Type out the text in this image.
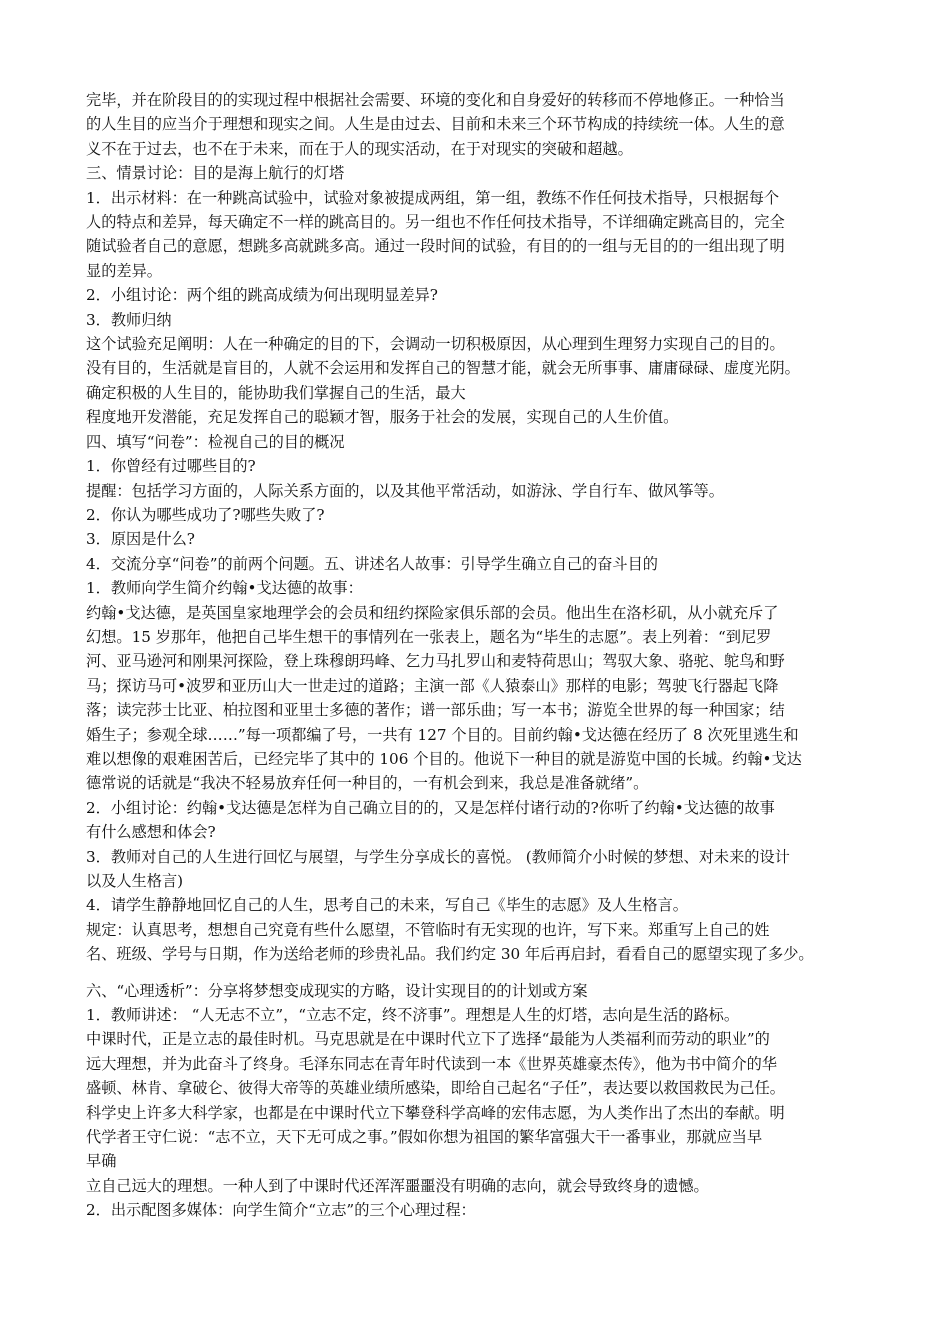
完毕，并在阶段目的的实现过程中根据社会需要、环境的变化和自身爱好的转移而不停地修正。一种恰当

的人生目的应当介于理想和现实之间。人生是由过去、目前和未来三个环节构成的持续统一体。人生的意

义不在于过去，也不在于未来，而在于人的现实活动，在于对现实的突破和超越。

三、情景讨论：目的是海上航行的灯塔

1．出示材料：在一种跳高试验中，试验对象被提成两组，第一组，教练不作任何技术指导，只根据每个

人的特点和差异，每天确定不一样的跳高目的。另一组也不作任何技术指导，不详细确定跳高目的，完全

随试验者自己的意愿，想跳多高就跳多高。通过一段时间的试验，有目的的一组与无目的的一组出现了明

显的差异。

2．小组讨论：两个组的跳高成绩为何出现明显差异?

3．教师归纳

这个试验充足阐明：人在一种确定的目的下，会调动一切积极原因，从心理到生理努力实现自己的目的。

没有目的，生活就是盲目的，人就不会运用和发挥自己的智慧才能，就会无所事事、庸庸碌碌、虚度光阴。

确定积极的人生目的，能协助我们掌握自己的生活，最大

程度地开发潜能，充足发挥自己的聪颖才智，服务于社会的发展，实现自己的人生价值。

四、填写“问卷”：检视自己的目的概况

1．你曾经有过哪些目的?

提醒：包括学习方面的，人际关系方面的，以及其他平常活动，如游泳、学自行车、做风筝等。

2．你认为哪些成功了?哪些失败了?

3．原因是什么?

4．交流分享“问卷”的前两个问题。五、讲述名人故事：引导学生确立自己的奋斗目的

1．教师向学生简介约翰•戈达德的故事：

约翰•戈达德，是英国皇家地理学会的会员和纽约探险家俱乐部的会员。他出生在洛杉矶，从小就充斥了

幻想。15 岁那年，他把自己毕生想干的事情列在一张表上，题名为“毕生的志愿”。表上列着：“到尼罗

河、亚马逊河和刚果河探险，登上珠穆朗玛峰、乞力马扎罗山和麦特荷思山；驾驭大象、骆驼、鸵鸟和野

马；探访马可•波罗和亚历山大一世走过的道路；主演一部《人猿泰山》那样的电影；驾驶飞行器起飞降

落；读完莎士比亚、柏拉图和亚里士多德的著作；谱一部乐曲；写一本书；游览全世界的每一种国家；结

婚生子；参观全球……”每一项都编了号，一共有 127 个目的。目前约翰•戈达德在经历了 8 次死里逃生和

难以想像的艰难困苦后，已经完毕了其中的 106 个目的。他说下一种目的就是游览中国的长城。约翰•戈达

德常说的话就是“我决不轻易放弃任何一种目的，一有机会到来，我总是准备就绪”。

2．小组讨论：约翰•戈达德是怎样为自己确立目的的，又是怎样付诸行动的?你听了约翰•戈达德的故事

有什么感想和体会?

3．教师对自己的人生进行回忆与展望，与学生分享成长的喜悦。 (教师简介小时候的梦想、对未来的设计

以及人生格言)

4．请学生静静地回忆自己的人生，思考自己的未来，写自己《毕生的志愿》及人生格言。

规定：认真思考，想想自己究竟有些什么愿望，不管临时有无实现的也许，写下来。郑重写上自己的姓

名、班级、学号与日期，作为送给老师的珍贵礼品。我们约定 30 年后再启封，看看自己的愿望实现了多少。

六、“心理透析”：分享将梦想变成现实的方略，设计实现目的的计划或方案

1．教师讲述： “人无志不立”，“立志不定，终不济事”。理想是人生的灯塔，志向是生活的路标。

中课时代，正是立志的最佳时机。马克思就是在中课时代立下了选择“最能为人类福利而劳动的职业”的

远大理想，并为此奋斗了终身。毛泽东同志在青年时代读到一本《世界英雄豪杰传》，他为书中简介的华

盛顿、林肯、拿破仑、彼得大帝等的英雄业绩所感染，即给自己起名“子任”，表达要以救国救民为己任。

科学史上许多大科学家，也都是在中课时代立下攀登科学高峰的宏伟志愿，为人类作出了杰出的奉献。明

代学者王守仁说：“志不立，天下无可成之事。”假如你想为祖国的繁华富强大干一番事业，那就应当早

早确

立自己远大的理想。一种人到了中课时代还浑浑噩噩没有明确的志向，就会导致终身的遗憾。

2．出示配图多媒体：向学生简介“立志”的三个心理过程：
